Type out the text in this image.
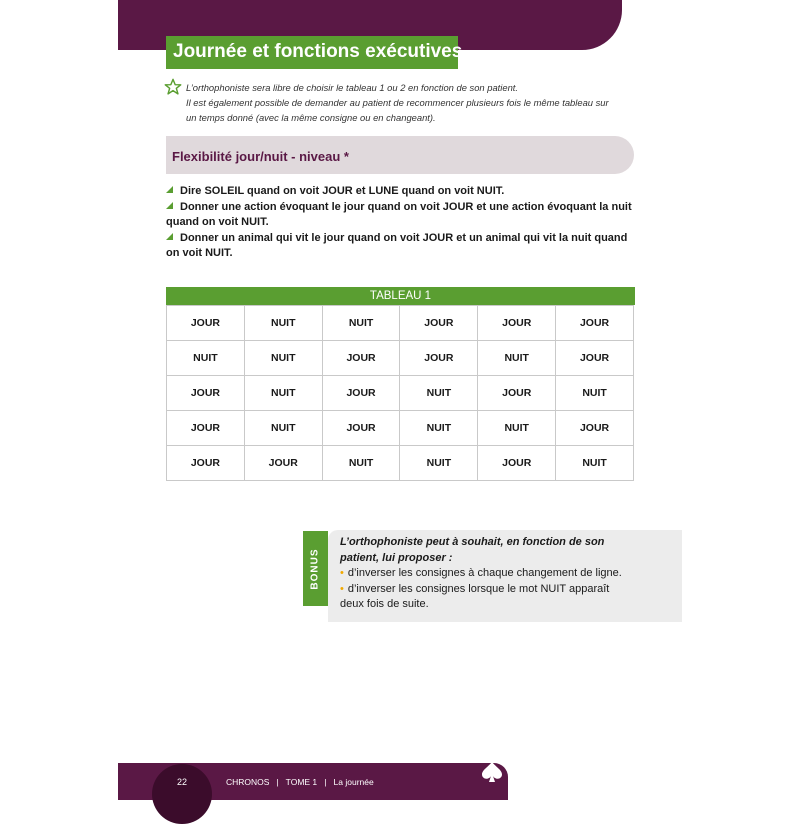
Journée et fonctions exécutives
L’orthophoniste sera libre de choisir le tableau 1 ou 2 en fonction de son patient.
Il est également possible de demander au patient de recommencer plusieurs fois le même tableau sur
un temps donné (avec la même consigne ou en changeant).
Flexibilité jour/nuit - niveau *
Dire SOLEIL quand on voit JOUR et LUNE quand on voit NUIT.
Donner une action évoquant le jour quand on voit JOUR et une action évoquant la nuit quand on voit NUIT.
Donner un animal qui vit le jour quand on voit JOUR et un animal qui vit la nuit quand on voit NUIT.
TABLEAU 1
JOUR	NUIT	NUIT	JOUR	JOUR	JOUR
NUIT	NUIT	JOUR	JOUR	NUIT	JOUR
JOUR	NUIT	JOUR	NUIT	JOUR	NUIT
JOUR	NUIT	JOUR	NUIT	NUIT	JOUR
JOUR	JOUR	NUIT	NUIT	JOUR	NUIT
BONUS
L’orthophoniste peut à souhait, en fonction de son
patient, lui proposer :
• d’inverser les consignes à chaque changement de ligne.
• d’inverser les consignes lorsque le mot NUIT apparaît
deux fois de suite.
22	CHRONOS   |   TOME 1   |   La journée
